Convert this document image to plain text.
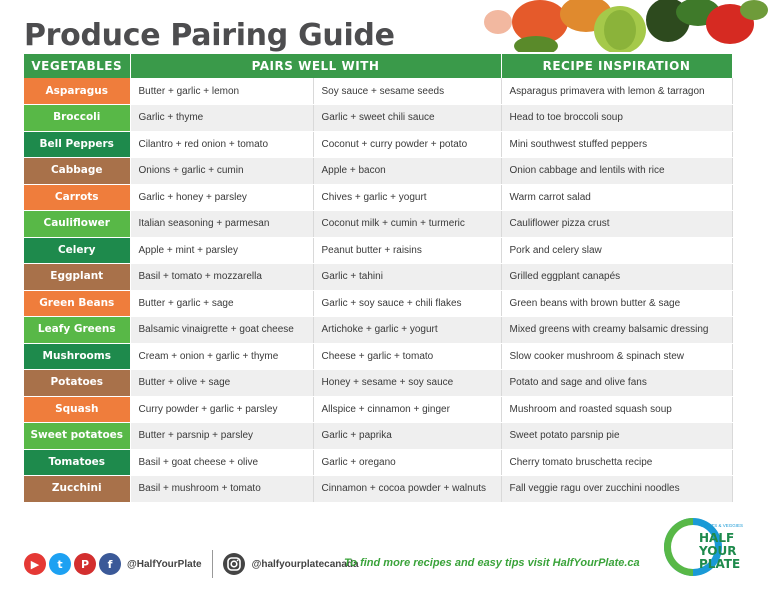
Produce Pairing Guide
VEGETABLES	PAIRS WELL WITH		RECIPE INSPIRATION
Asparagus	Butter + garlic + lemon	Soy sauce + sesame seeds	Asparagus primavera with lemon & tarragon
Broccoli	Garlic + thyme	Garlic + sweet chili sauce	Head to toe broccoli soup
Bell Peppers	Cilantro + red onion + tomato	Coconut + curry powder + potato	Mini southwest stuffed peppers
Cabbage	Onions + garlic + cumin	Apple + bacon	Onion cabbage and lentils with rice
Carrots	Garlic + honey + parsley	Chives + garlic + yogurt	Warm carrot salad
Cauliflower	Italian seasoning + parmesan	Coconut milk + cumin + turmeric	Cauliflower pizza crust
Celery	Apple + mint + parsley	Peanut butter + raisins	Pork and celery slaw
Eggplant	Basil + tomato + mozzarella	Garlic + tahini	Grilled eggplant canapés
Green Beans	Butter + garlic + sage	Garlic + soy sauce + chili flakes	Green beans with brown butter & sage
Leafy Greens	Balsamic vinaigrette + goat cheese	Artichoke + garlic + yogurt	Mixed greens with creamy balsamic dressing
Mushrooms	Cream + onion + garlic + thyme	Cheese + garlic + tomato	Slow cooker mushroom & spinach stew
Potatoes	Butter + olive + sage	Honey + sesame + soy sauce	Potato and sage and olive fans
Squash	Curry powder + garlic + parsley	Allspice + cinnamon + ginger	Mushroom and roasted squash soup
Sweet potatoes	Butter + parsnip + parsley	Garlic + paprika	Sweet potato parsnip pie
Tomatoes	Basil + goat cheese + olive	Garlic + oregano	Cherry tomato bruschetta recipe
Zucchini	Basil + mushroom + tomato	Cinnamon + cocoa powder + walnuts	Fall veggie ragu over zucchini noodles
▶	t	P	f	@HalfYourPlate	@halfyourplatecanada
To find more recipes and easy tips visit HalfYourPlate.ca
FRUITS & VEGGIES
HALF
YOUR
PLATE
